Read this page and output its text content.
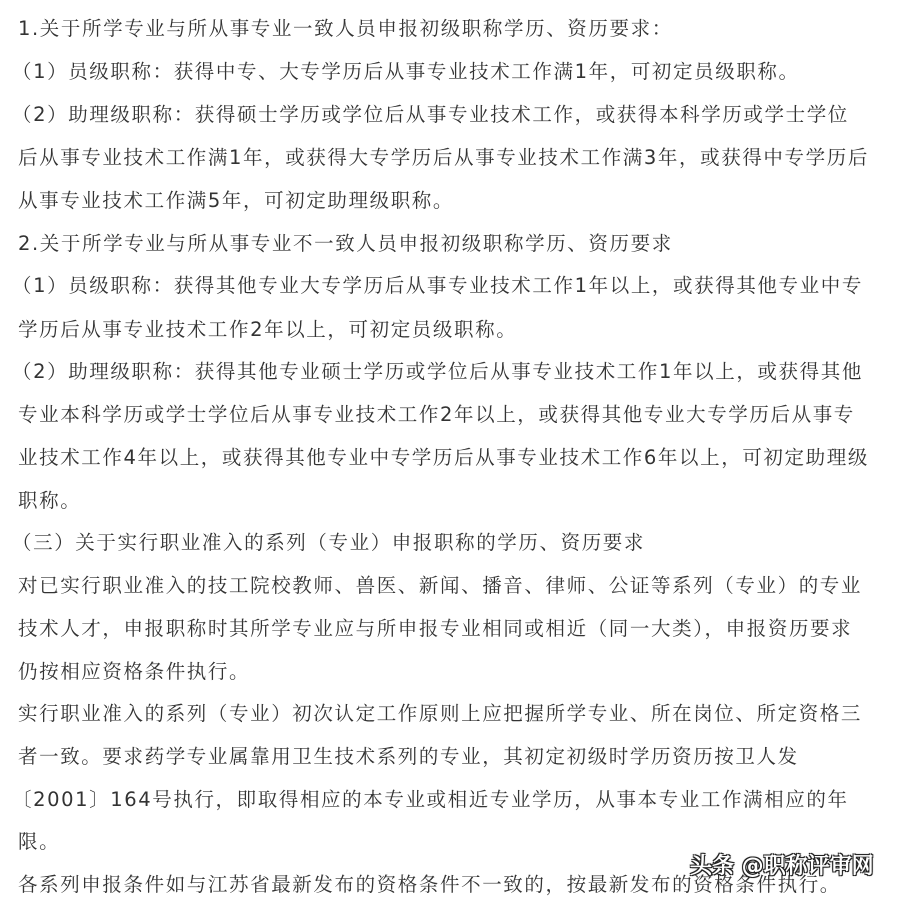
1.关于所学专业与所从事专业一致人员申报初级职称学历、资历要求：
（1）员级职称：获得中专、大专学历后从事专业技术工作满1年，可初定员级职称。
（2）助理级职称：获得硕士学历或学位后从事专业技术工作，或获得本科学历或学士学位
后从事专业技术工作满1年，或获得大专学历后从事专业技术工作满3年，或获得中专学历后
从事专业技术工作满5年，可初定助理级职称。
2.关于所学专业与所从事专业不一致人员申报初级职称学历、资历要求
（1）员级职称：获得其他专业大专学历后从事专业技术工作1年以上，或获得其他专业中专
学历后从事专业技术工作2年以上，可初定员级职称。
（2）助理级职称：获得其他专业硕士学历或学位后从事专业技术工作1年以上，或获得其他
专业本科学历或学士学位后从事专业技术工作2年以上，或获得其他专业大专学历后从事专
业技术工作4年以上，或获得其他专业中专学历后从事专业技术工作6年以上，可初定助理级
职称。
（三）关于实行职业准入的系列（专业）申报职称的学历、资历要求
对已实行职业准入的技工院校教师、兽医、新闻、播音、律师、公证等系列（专业）的专业
技术人才，申报职称时其所学专业应与所申报专业相同或相近（同一大类），申报资历要求
仍按相应资格条件执行。
实行职业准入的系列（专业）初次认定工作原则上应把握所学专业、所在岗位、所定资格三
者一致。要求药学专业属靠用卫生技术系列的专业，其初定初级时学历资历按卫人发
〔2001〕164号执行，即取得相应的本专业或相近专业学历，从事本专业工作满相应的年
限。
各系列申报条件如与江苏省最新发布的资格条件不一致的，按最新发布的资格条件执行。
头条 @职称评审网
